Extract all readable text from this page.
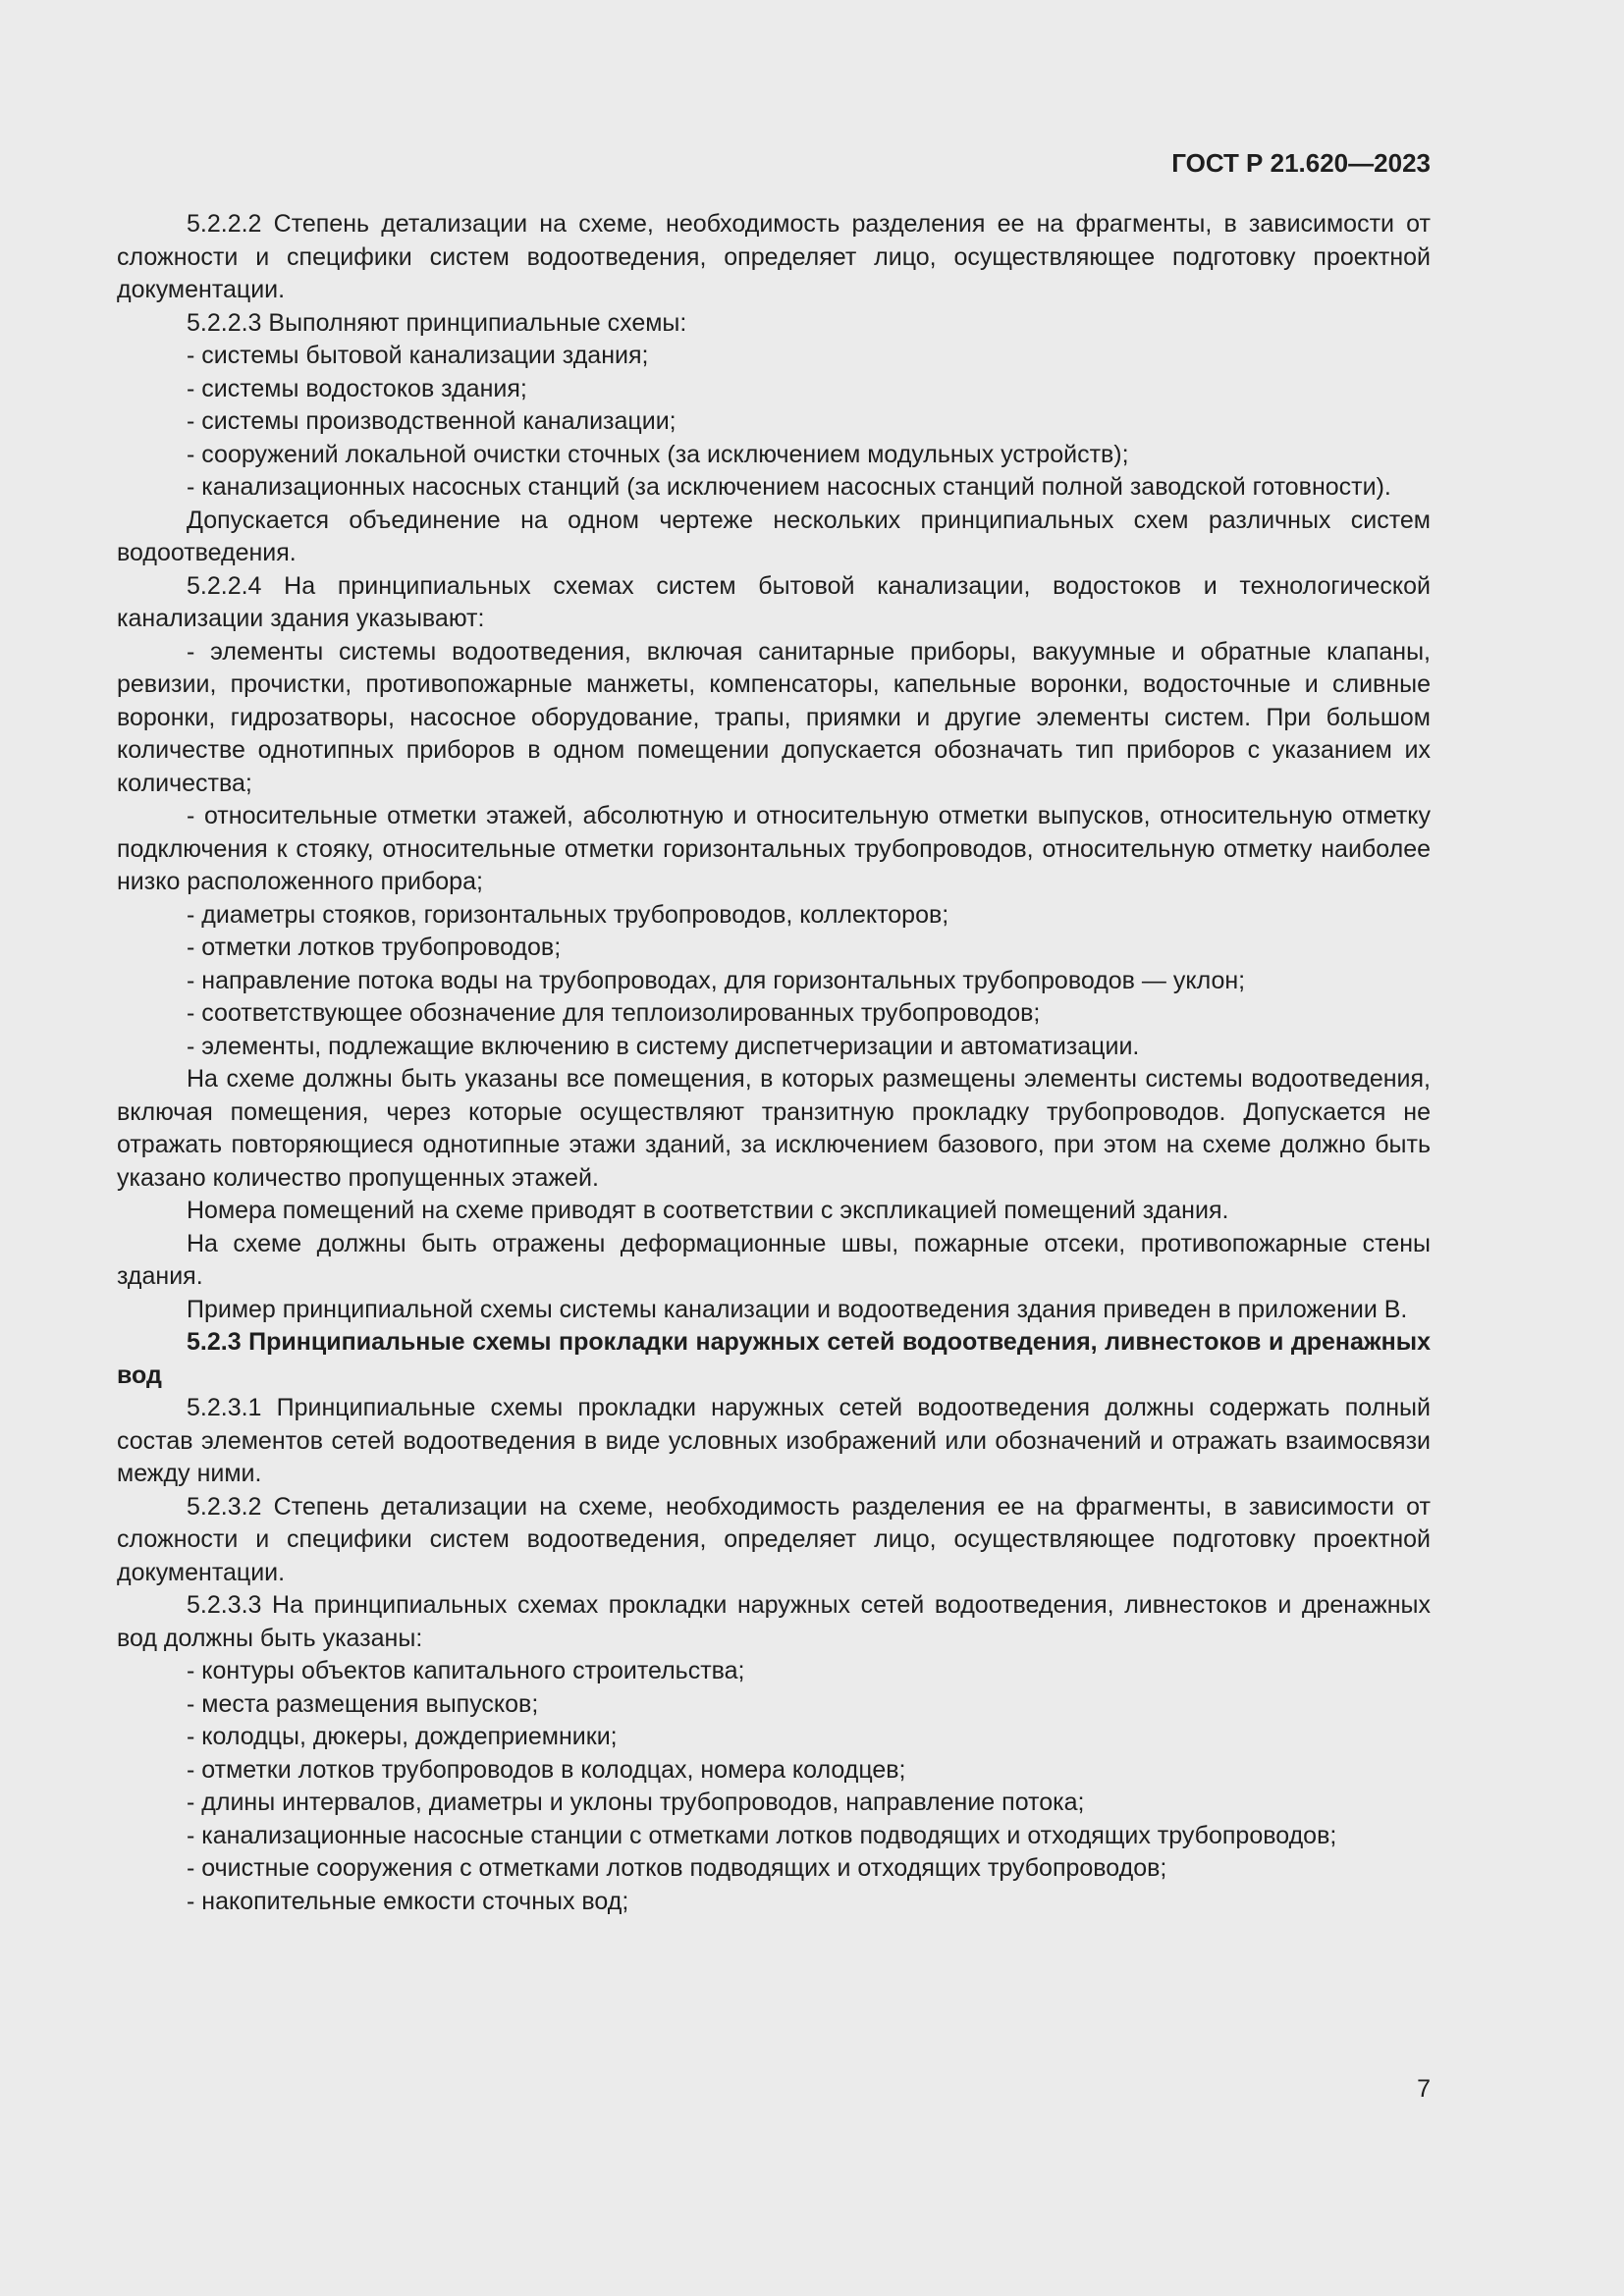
ГОСТ Р 21.620—2023

5.2.2.2 Степень детализации на схеме, необходимость разделения ее на фрагменты, в зависимости от сложности и специфики систем водоотведения, определяет лицо, осуществляющее подготовку проектной документации.

5.2.2.3 Выполняют принципиальные схемы:

- системы бытовой канализации здания;

- системы водостоков здания;

- системы производственной канализации;

- сооружений локальной очистки сточных (за исключением модульных устройств);

- канализационных насосных станций (за исключением насосных станций полной заводской готовности).

Допускается объединение на одном чертеже нескольких принципиальных схем различных систем водоотведения.

5.2.2.4 На принципиальных схемах систем бытовой канализации, водостоков и технологической канализации здания указывают:

- элементы системы водоотведения, включая санитарные приборы, вакуумные и обратные клапаны, ревизии, прочистки, противопожарные манжеты, компенсаторы, капельные воронки, водосточные и сливные воронки, гидрозатворы, насосное оборудование, трапы, приямки и другие элементы систем. При большом количестве однотипных приборов в одном помещении допускается обозначать тип приборов с указанием их количества;

- относительные отметки этажей, абсолютную и относительную отметки выпусков, относительную отметку подключения к стояку, относительные отметки горизонтальных трубопроводов, относительную отметку наиболее низко расположенного прибора;

- диаметры стояков, горизонтальных трубопроводов, коллекторов;

- отметки лотков трубопроводов;

- направление потока воды на трубопроводах, для горизонтальных трубопроводов — уклон;

- соответствующее обозначение для теплоизолированных трубопроводов;

- элементы, подлежащие включению в систему диспетчеризации и автоматизации.

На схеме должны быть указаны все помещения, в которых размещены элементы системы водоотведения, включая помещения, через которые осуществляют транзитную прокладку трубопроводов. Допускается не отражать повторяющиеся однотипные этажи зданий, за исключением базового, при этом на схеме должно быть указано количество пропущенных этажей.

Номера помещений на схеме приводят в соответствии с экспликацией помещений здания.

На схеме должны быть отражены деформационные швы, пожарные отсеки, противопожарные стены здания.

Пример принципиальной схемы системы канализации и водоотведения здания приведен в приложении В.

5.2.3 Принципиальные схемы прокладки наружных сетей водоотведения, ливнестоков и дренажных вод

5.2.3.1 Принципиальные схемы прокладки наружных сетей водоотведения должны содержать полный состав элементов сетей водоотведения в виде условных изображений или обозначений и отражать взаимосвязи между ними.

5.2.3.2 Степень детализации на схеме, необходимость разделения ее на фрагменты, в зависимости от сложности и специфики систем водоотведения, определяет лицо, осуществляющее подготовку проектной документации.

5.2.3.3 На принципиальных схемах прокладки наружных сетей водоотведения, ливнестоков и дренажных вод должны быть указаны:

- контуры объектов капитального строительства;

- места размещения выпусков;

- колодцы, дюкеры, дождеприемники;

- отметки лотков трубопроводов в колодцах, номера колодцев;

- длины интервалов, диаметры и уклоны трубопроводов, направление потока;

- канализационные насосные станции с отметками лотков подводящих и отходящих трубопроводов;

- очистные сооружения с отметками лотков подводящих и отходящих трубопроводов;

- накопительные емкости сточных вод;

7
